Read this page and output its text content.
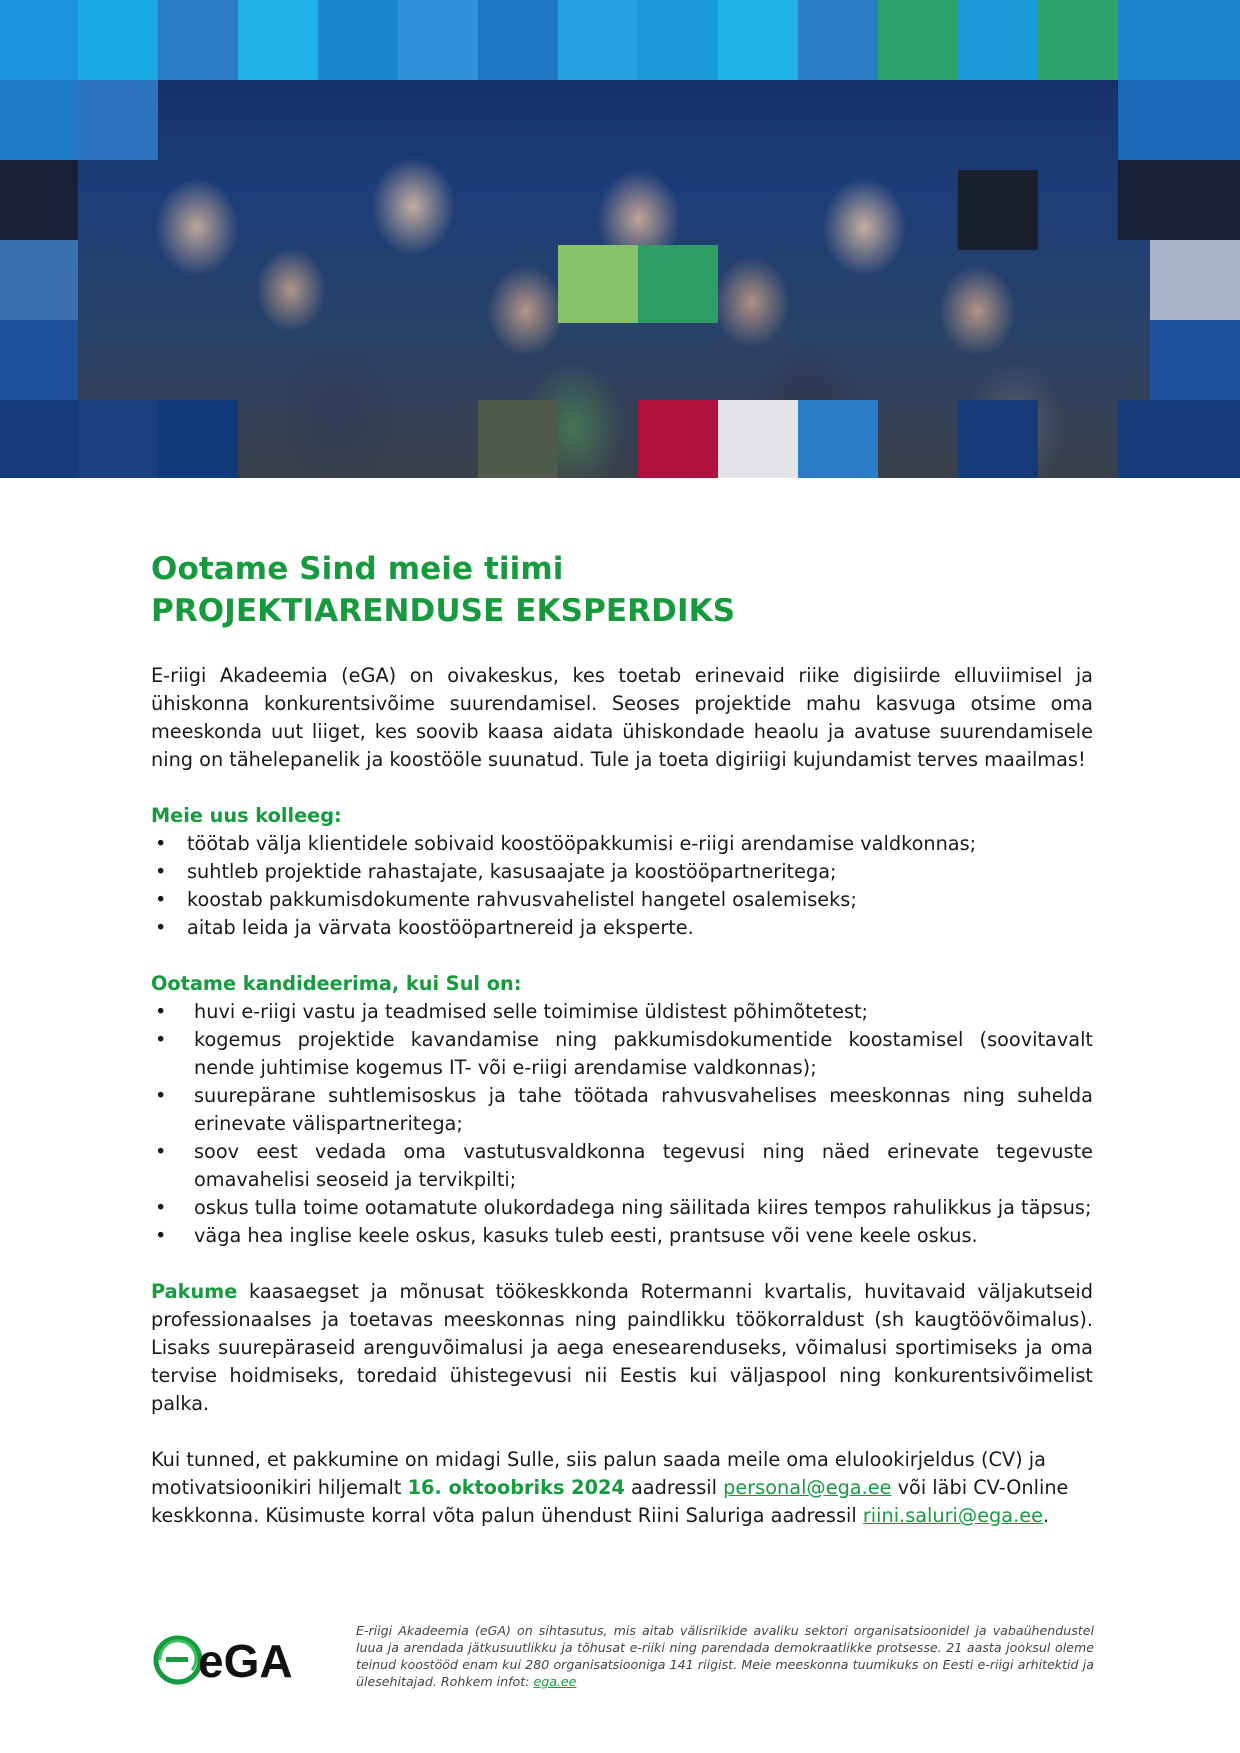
Ootame Sind meie tiimi
PROJEKTIARENDUSE EKSPERDIKS

E-riigi Akadeemia (eGA) on oivakeskus, kes toetab erinevaid riike digisiirde elluviimisel ja ühiskonna konkurentsivõime suurendamisel. Seoses projektide mahu kasvuga otsime oma meeskonda uut liiget, kes soovib kaasa aidata ühiskondade heaolu ja avatuse suurendamisele ning on tähelepanelik ja koostööle suunatud. Tule ja toeta digiriigi kujundamist terves maailmas!

Meie uus kolleeg:

• töötab välja klientidele sobivaid koostööpakkumisi e-riigi arendamise valdkonnas;
• suhtleb projektide rahastajate, kasusaajate ja koostööpartneritega;
• koostab pakkumisdokumente rahvusvahelistel hangetel osalemiseks;
• aitab leida ja värvata koostööpartnereid ja eksperte.

Ootame kandideerima, kui Sul on:

• huvi e-riigi vastu ja teadmised selle toimimise üldistest põhimõtetest;
• kogemus projektide kavandamise ning pakkumisdokumentide koostamisel (soovitavalt nende juhtimise kogemus IT- või e-riigi arendamise valdkonnas);
• suurepärane suhtlemisoskus ja tahe töötada rahvusvahelises meeskonnas ning suhelda erinevate välispartneritega;
• soov eest vedada oma vastutusvaldkonna tegevusi ning näed erinevate tegevuste omavahelisi seoseid ja tervikpilti;
• oskus tulla toime ootamatute olukordadega ning säilitada kiires tempos rahulikkus ja täpsus;
• väga hea inglise keele oskus, kasuks tuleb eesti, prantsuse või vene keele oskus.

Pakume kaasaegset ja mõnusat töökeskkonda Rotermanni kvartalis, huvitavaid väljakutseid professionaalses ja toetavas meeskonnas ning paindlikku töökorraldust (sh kaugtöövõimalus). Lisaks suurepäraseid arenguvõimalusi ja aega enesearenduseks, võimalusi sportimiseks ja oma tervise hoidmiseks, toredaid ühistegevusi nii Eestis kui väljaspool ning konkurentsivõimelist palka.

Kui tunned, et pakkumine on midagi Sulle, siis palun saada meile oma elulookirjeldus (CV) ja motivatsioonikiri hiljemalt 16. oktoobriks 2024 aadressil personal@ega.ee või läbi CV-Online keskkonna. Küsimuste korral võta palun ühendust Riini Saluriga aadressil riini.saluri@ega.ee.

eGA
E-riigi Akadeemia (eGA) on sihtasutus, mis aitab välisriikide avaliku sektori organisatsioonidel ja vabaühendustel luua ja arendada jätkusuutlikku ja tõhusat e-riiki ning parendada demokraatlikke protsesse. 21 aasta jooksul oleme teinud koostööd enam kui 280 organisatsiooniga 141 riigist. Meie meeskonna tuumikuks on Eesti e-riigi arhitektid ja ülesehitajad. Rohkem infot: ega.ee
